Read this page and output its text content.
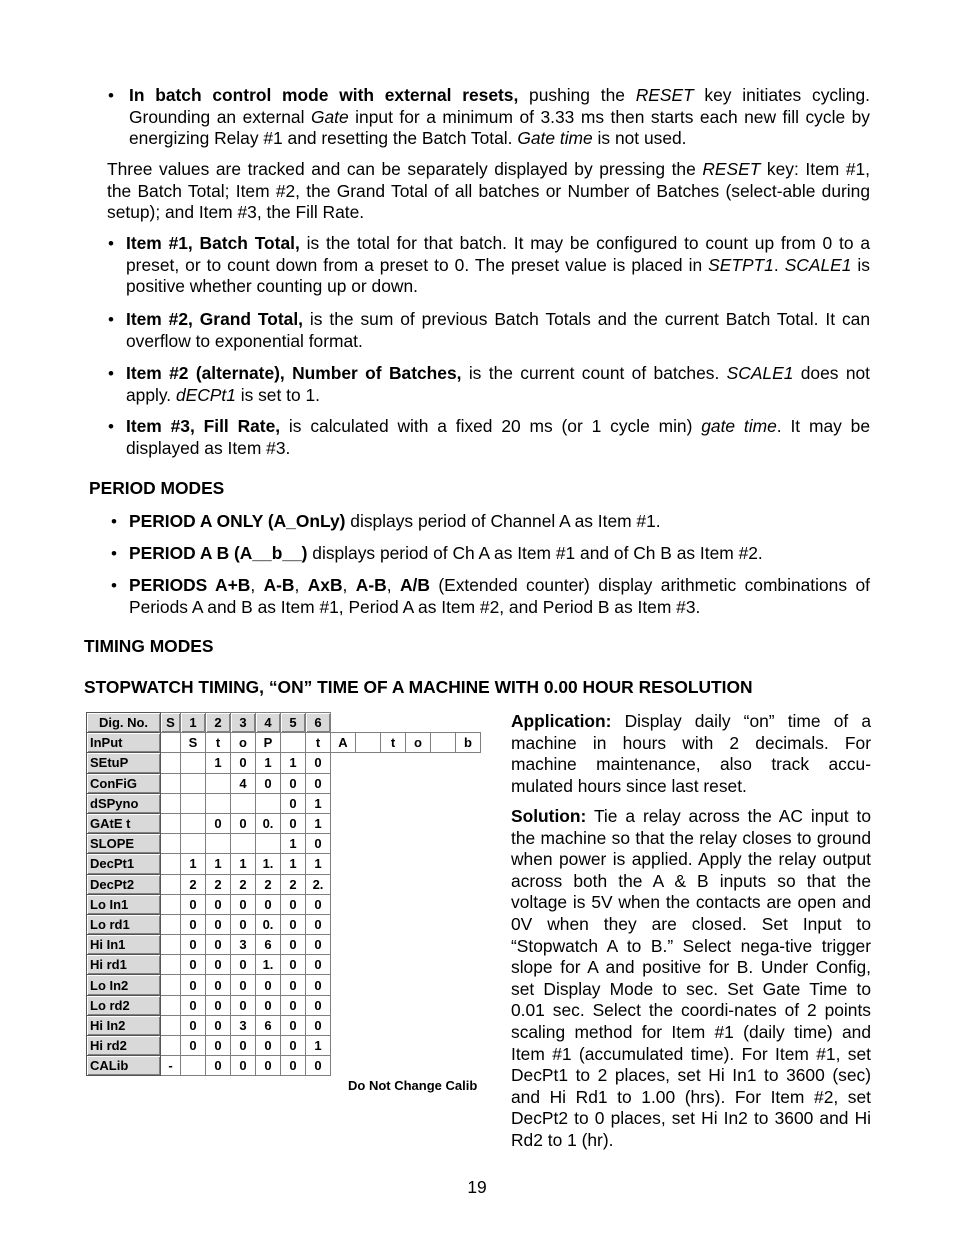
• In batch control mode with external resets, pushing the RESET key initiates cycling. Grounding an external Gate input for a minimum of 3.33 ms then starts each new fill cycle by energizing Relay #1 and resetting the Batch Total. Gate time is not used.
Three values are tracked and can be separately displayed by pressing the RESET key: Item #1, the Batch Total; Item #2, the Grand Total of all batches or Number of Batches (select-able during setup); and Item #3, the Fill Rate.
• Item #1, Batch Total, is the total for that batch. It may be configured to count up from 0 to a preset, or to count down from a preset to 0. The preset value is placed in SETPT1. SCALE1 is positive whether counting up or down.
• Item #2, Grand Total, is the sum of previous Batch Totals and the current Batch Total. It can overflow to exponential format.
• Item #2 (alternate), Number of Batches, is the current count of batches. SCALE1 does not apply. dECPt1 is set to 1.
• Item #3, Fill Rate, is calculated with a fixed 20 ms (or 1 cycle min) gate time. It may be displayed as Item #3.
PERIOD MODES
• PERIOD A ONLY (A_OnLy) displays period of Channel A as Item #1.
• PERIOD A B (A__b__) displays period of Ch A as Item #1 and of Ch B as Item #2.
• PERIODS A+B, A-B, AxB, A-B, A/B (Extended counter) display arithmetic combinations of Periods A and B as Item #1, Period A as Item #2, and Period B as Item #3.
TIMING MODES
STOPWATCH TIMING, “ON” TIME OF A MACHINE WITH 0.00 HOUR RESOLUTION
Dig. No.	S	1	2	3	4	5	6						
InPut		S	t	o	P		t	A		t	o		b
SEtuP			1	0	1	1	0						
ConFiG				4	0	0	0						
dSPyno						0	1						
GAtE t			0	0	0.	0	1						
SLOPE						1	0						
DecPt1		1	1	1	1.	1	1						
DecPt2		2	2	2	2	2	2.						
Lo In1		0	0	0	0	0	0						
Lo rd1		0	0	0	0.	0	0						
Hi In1		0	0	3	6	0	0						
Hi rd1		0	0	0	1.	0	0						
Lo In2		0	0	0	0	0	0						
Lo rd2		0	0	0	0	0	0						
Hi In2		0	0	3	6	0	0						
Hi rd2		0	0	0	0	0	1						
CALib	-		0	0	0	0	0						
Do Not Change Calib
Application: Display daily “on” time of a machine in hours with 2 decimals. For machine maintenance, also track accu-mulated hours since last reset.
Solution: Tie a relay across the AC input to the machine so that the relay closes to ground when power is applied. Apply the relay output across both the A & B inputs so that the voltage is 5V when the contacts are open and 0V when they are closed. Set Input to “Stopwatch A to B.” Select nega-tive trigger slope for A and positive for B. Under Config, set Display Mode to sec. Set Gate Time to 0.01 sec. Select the coordi-nates of 2 points scaling method for Item #1 (daily time) and Item #1 (accumulated time). For Item #1, set DecPt1 to 2 places, set Hi In1 to 3600 (sec) and Hi Rd1 to 1.00 (hrs). For Item #2, set DecPt2 to 0 places, set Hi In2 to 3600 and Hi Rd2 to 1 (hr).
19
